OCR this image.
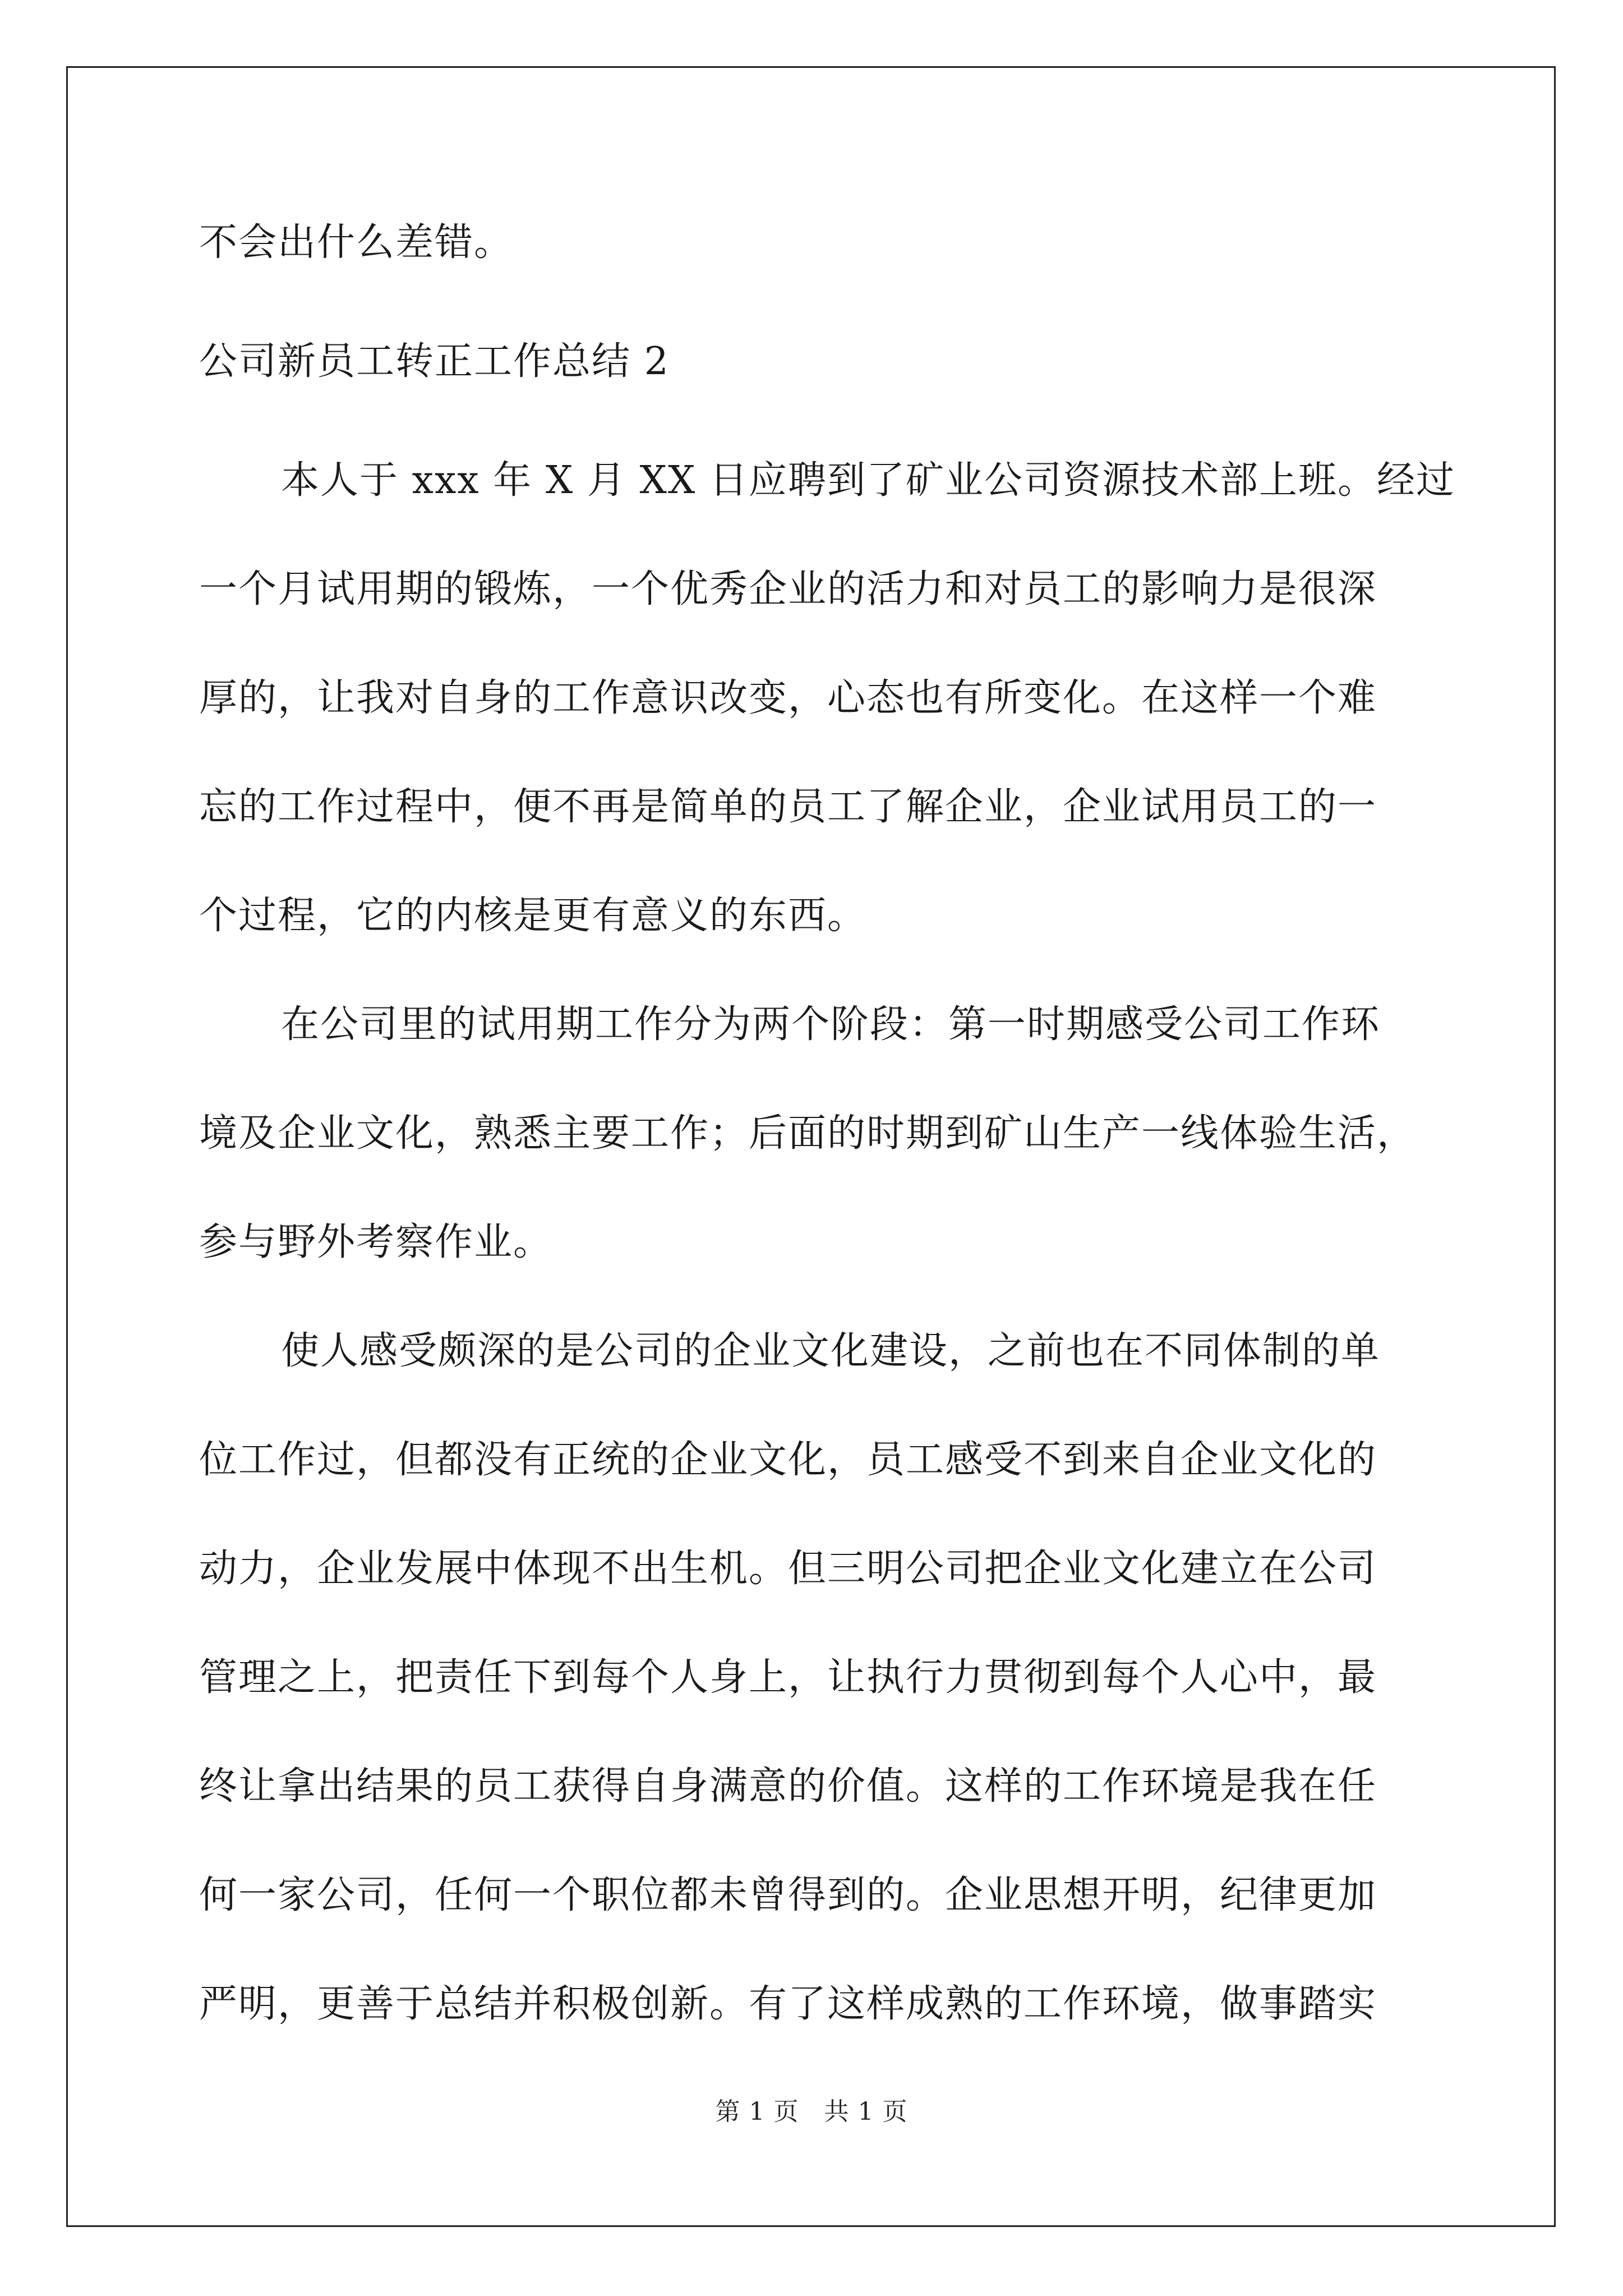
不会出什么差错。
公司新员工转正工作总结 2
本人于 xxx 年 X 月 XX 日应聘到了矿业公司资源技术部上班。经过
一个月试用期的锻炼，一个优秀企业的活力和对员工的影响力是很深
厚的，让我对自身的工作意识改变，心态也有所变化。在这样一个难
忘的工作过程中，便不再是简单的员工了解企业，企业试用员工的一
个过程，它的内核是更有意义的东西。
在公司里的试用期工作分为两个阶段：第一时期感受公司工作环
境及企业文化，熟悉主要工作；后面的时期到矿山生产一线体验生活，
参与野外考察作业。
使人感受颇深的是公司的企业文化建设，之前也在不同体制的单
位工作过，但都没有正统的企业文化，员工感受不到来自企业文化的
动力，企业发展中体现不出生机。但三明公司把企业文化建立在公司
管理之上，把责任下到每个人身上，让执行力贯彻到每个人心中，最
终让拿出结果的员工获得自身满意的价值。这样的工作环境是我在任
何一家公司，任何一个职位都未曾得到的。企业思想开明，纪律更加
严明，更善于总结并积极创新。有了这样成熟的工作环境，做事踏实
第 1 页　共 1 页
